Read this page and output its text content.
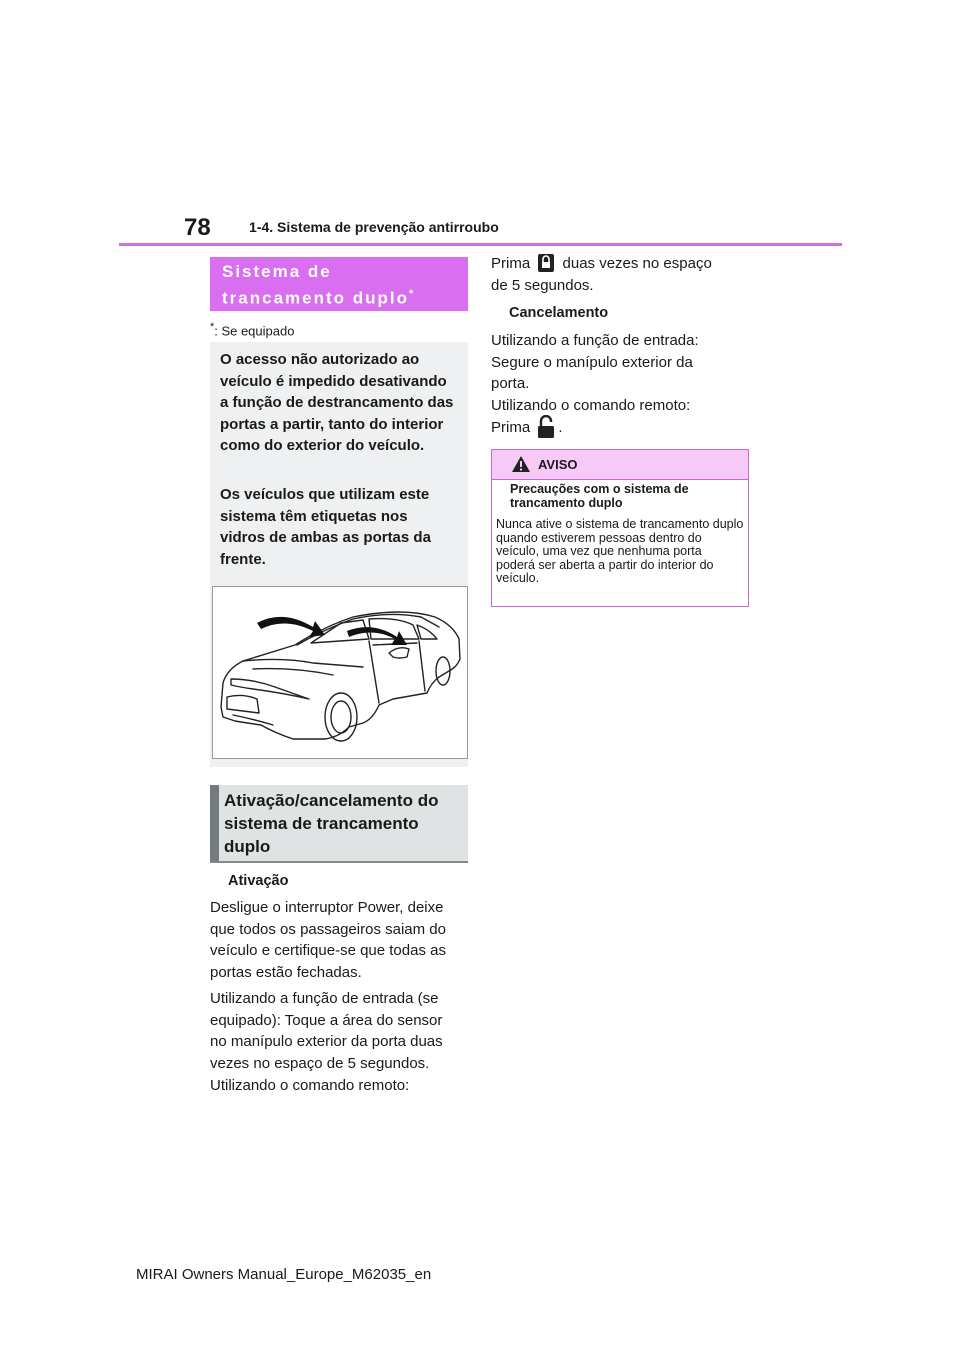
78	1-4. Sistema de prevenção antirroubo
Sistema de
trancamento duplo*
*: Se equipado
O acesso não autorizado ao veículo é impedido desativando a função de destrancamento das portas a partir, tanto do interior como do exterior do veículo.
Os veículos que utilizam este sistema têm etiquetas nos vidros de ambas as portas da frente.
Ativação/cancelamento do sistema de trancamento duplo
Ativação
Desligue o interruptor Power, deixe que todos os passageiros saiam do veículo e certifique-se que todas as portas estão fechadas.
Utilizando a função de entrada (se
equipado): Toque a área do sensor
no manípulo exterior da porta duas
vezes no espaço de 5 segundos.
Utilizando o comando remoto:
Prima duas vezes no espaço
de 5 segundos.
Cancelamento
Utilizando a função de entrada:
Segure o manípulo exterior da
porta.
Utilizando o comando remoto:
Prima .
AVISO
Precauções com o sistema de trancamento duplo
Nunca ative o sistema de trancamento duplo quando estiverem pessoas dentro do veículo, uma vez que nenhuma porta poderá ser aberta a partir do interior do veículo.
MIRAI Owners Manual_Europe_M62035_en
